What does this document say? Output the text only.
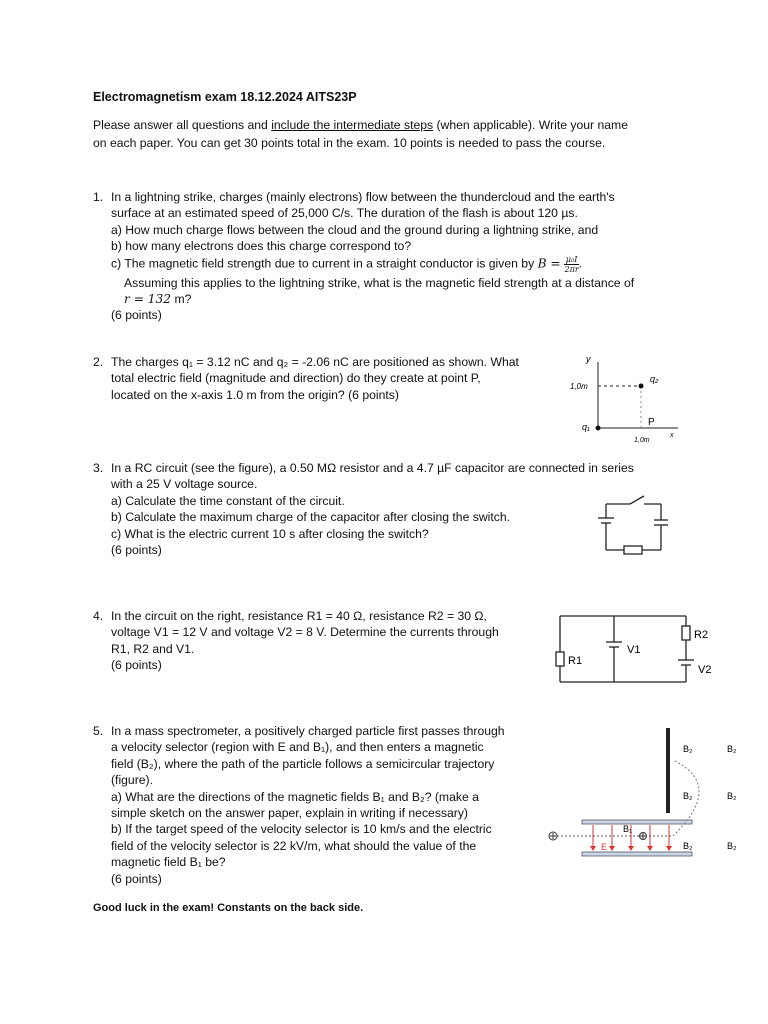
Electromagnetism exam 18.12.2024 AITS23P
Please answer all questions and include the intermediate steps (when applicable). Write your name
on each paper. You can get 30 points total in the exam. 10 points is needed to pass the course.
1. In a lightning strike, charges (mainly electrons) flow between the thundercloud and the earth's
surface at an estimated speed of 25,000 C/s. The duration of the flash is about 120 µs.
a) How much charge flows between the cloud and the ground during a lightning strike, and
b) how many electrons does this charge correspond to?
c) The magnetic field strength due to current in a straight conductor is given by $B = \frac{\text{μ₀I}}{2\pi r}$ .
Assuming this applies to the lightning strike, what is the magnetic field strength at a distance of
r = 132 m?
(6 points)
2. The charges q₁ = 3.12 nC and q₂ = -2.06 nC are positioned as shown. What
total electric field (magnitude and direction) do they create at point P,
located on the x-axis 1.0 m from the origin? (6 points)
y
1,0m
q₂
P
q₁
1,0m
x
3. In a RC circuit (see the figure), a 0.50 MΩ resistor and a 4.7 µF capacitor are connected in series
with a 25 V voltage source.
a) Calculate the time constant of the circuit.
b) Calculate the maximum charge of the capacitor after closing the switch.
c) What is the electric current 10 s after closing the switch?
(6 points)
4. In the circuit on the right, resistance R1 = 40 Ω, resistance R2 = 30 Ω,
voltage V1 = 12 V and voltage V2 = 8 V. Determine the currents through
R1, R2 and V1.
(6 points)	R1
R2
V1
V2
5. In a mass spectrometer, a positively charged particle first passes through
a velocity selector (region with E and B₁), and then enters a magnetic
field (B₂), where the path of the particle follows a semicircular trajectory
(figure).
a) What are the directions of the magnetic fields B₁ and B₂? (make a
simple sketch on the answer paper, explain in writing if necessary)
b) If the target speed of the velocity selector is 10 km/s and the electric
field of the velocity selector is 22 kV/m, what should the value of the
magnetic field B₁ be?
(6 points)
B₁
E
B₂	B₂
B₂	B₂
B₂	B₂
Good luck in the exam! Constants on the back side.
